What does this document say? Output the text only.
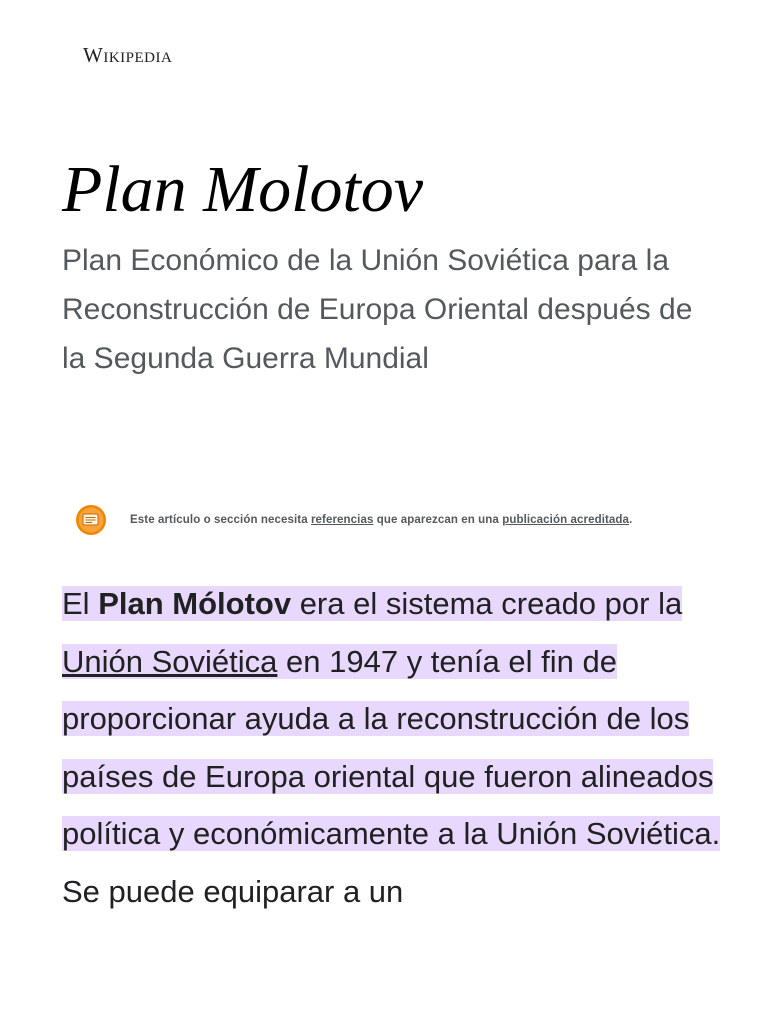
Wikipedia
Plan Molotov

Plan Económico de la Unión Soviética para la Reconstrucción de Europa Oriental después de la Segunda Guerra Mundial

Este artículo o sección necesita referencias que aparezcan en una publicación acreditada.

El Plan Mólotov era el sistema creado por la Unión Soviética en 1947 y tenía el fin de proporcionar ayuda a la reconstrucción de los países de Europa oriental que fueron alineados política y económicamente a la Unión Soviética. Se puede equiparar a un
